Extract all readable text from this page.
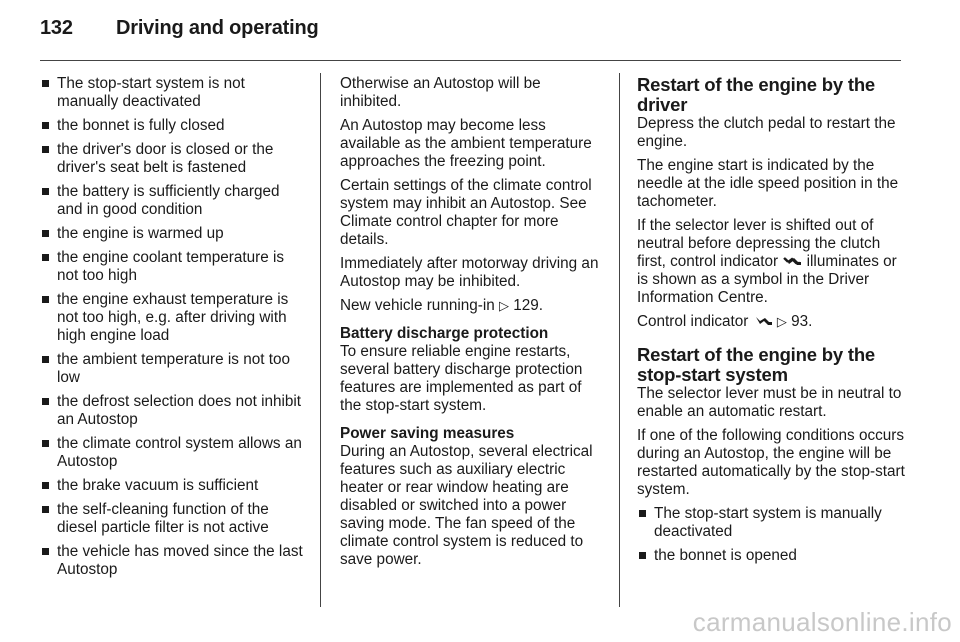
132 Driving and operating
The stop-start system is not manually deactivated
the bonnet is fully closed
the driver's door is closed or the driver's seat belt is fastened
the battery is sufficiently charged and in good condition
the engine is warmed up
the engine coolant temperature is not too high
the engine exhaust temperature is not too high, e.g. after driving with high engine load
the ambient temperature is not too low
the defrost selection does not inhibit an Autostop
the climate control system allows an Autostop
the brake vacuum is sufficient
the self-cleaning function of the diesel particle filter is not active
the vehicle has moved since the last Autostop

Otherwise an Autostop will be inhibited.

An Autostop may become less available as the ambient temperature approaches the freezing point.

Certain settings of the climate control system may inhibit an Autostop. See Climate control chapter for more details.

Immediately after motorway driving an Autostop may be inhibited.

New vehicle running-in ▷ 129.

Battery discharge protection

To ensure reliable engine restarts, several battery discharge protection features are implemented as part of the stop-start system.

Power saving measures

During an Autostop, several electrical features such as auxiliary electric heater or rear window heating are disabled or switched into a power saving mode. The fan speed of the climate control system is reduced to save power.

Restart of the engine by the driver

Depress the clutch pedal to restart the engine.

The engine start is indicated by the needle at the idle speed position in the tachometer.

If the selector lever is shifted out of neutral before depressing the clutch first, control indicator  illuminates or is shown as a symbol in the Driver Information Centre.

Control indicator  ▷ 93.

Restart of the engine by the stop-start system

The selector lever must be in neutral to enable an automatic restart.

If one of the following conditions occurs during an Autostop, the engine will be restarted automatically by the stop-start system.

The stop-start system is manually deactivated
the bonnet is opened
carmanualsonline.info
